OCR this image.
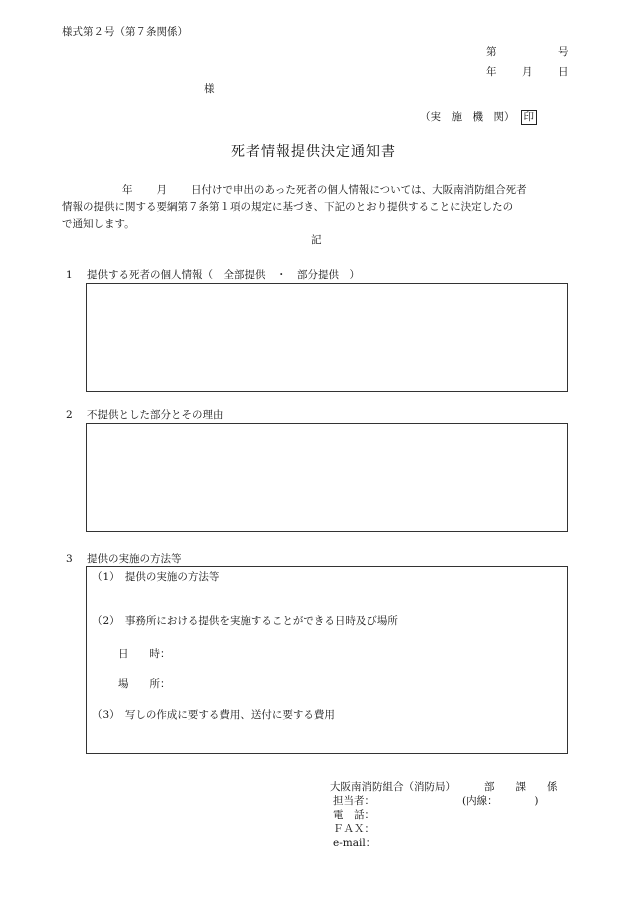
様式第２号（第７条関係）
第	号
年 月 日
様
（実　施　機　関） 印
死者情報提供決定通知書
年 月 日付けで申出のあった死者の個人情報については、大阪南消防組合死者
情報の提供に関する要綱第７条第１項の規定に基づき、下記のとおり提供することに決定したの
で通知します。
記
1 提供する死者の個人情報（　全部提供　・　部分提供　）
2 不提供とした部分とその理由
3 提供の実施の方法等
（1）　提供の実施の方法等
（2）　事務所における提供を実施することができる日時及び場所
日　　時：
場　　所：
（3）　写しの作成に要する費用、送付に要する費用
大阪南消防組合（消防局）	部　　課　　係
担当者：	(内線：　　　　)
電　話：
ＦＡＸ：
e-mail：
